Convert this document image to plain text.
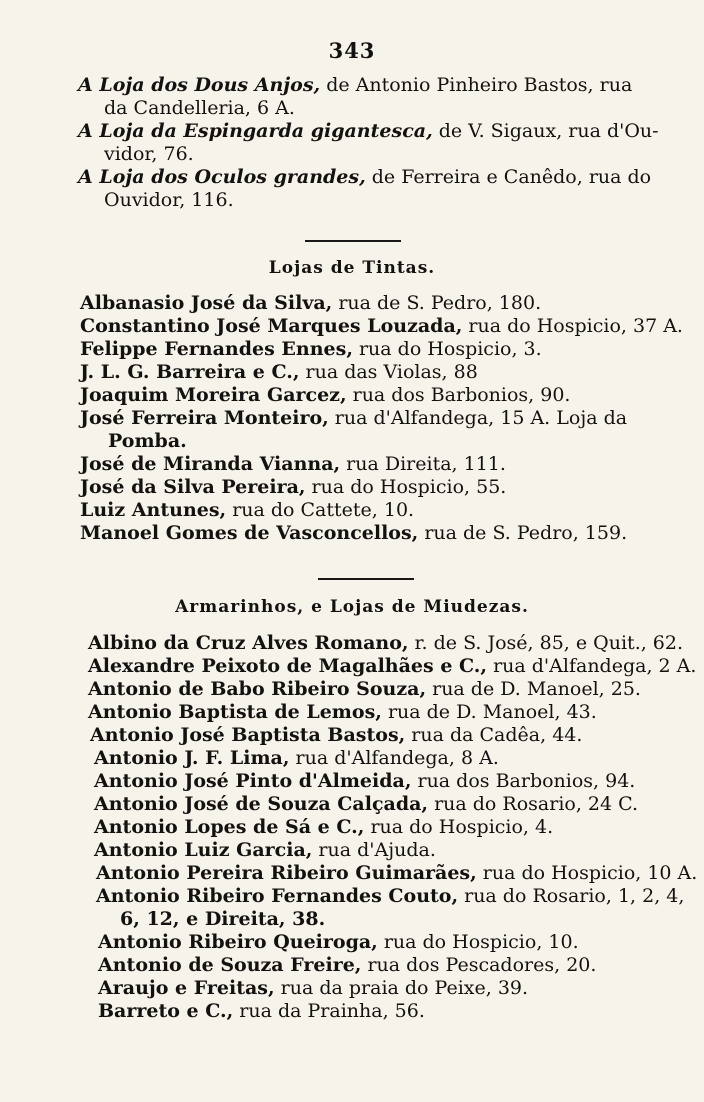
343
A Loja dos Dous Anjos, de Antonio Pinheiro Bastos, rua
da Candelleria, 6 A.
A Loja da Espingarda gigantesca, de V. Sigaux, rua d'Ou-
vidor, 76.
A Loja dos Oculos grandes, de Ferreira e Canêdo, rua do
Ouvidor, 116.
Lojas de Tintas.
Albanasio José da Silva, rua de S. Pedro, 180.
Constantino José Marques Louzada, rua do Hospicio, 37 A.
Felippe Fernandes Ennes, rua do Hospicio, 3.
J. L. G. Barreira e C., rua das Violas, 88
Joaquim Moreira Garcez, rua dos Barbonios, 90.
José Ferreira Monteiro, rua d'Alfandega, 15 A. Loja da
Pomba.
José de Miranda Vianna, rua Direita, 111.
José da Silva Pereira, rua do Hospicio, 55.
Luiz Antunes, rua do Cattete, 10.
Manoel Gomes de Vasconcellos, rua de S. Pedro, 159.
Armarinhos, e Lojas de Miudezas.
Albino da Cruz Alves Romano, r. de S. José, 85, e Quit., 62.
Alexandre Peixoto de Magalhães e C., rua d'Alfandega, 2 A.
Antonio de Babo Ribeiro Souza, rua de D. Manoel, 25.
Antonio Baptista de Lemos, rua de D. Manoel, 43.
Antonio José Baptista Bastos, rua da Cadêa, 44.
Antonio J. F. Lima, rua d'Alfandega, 8 A.
Antonio José Pinto d'Almeida, rua dos Barbonios, 94.
Antonio José de Souza Calçada, rua do Rosario, 24 C.
Antonio Lopes de Sá e C., rua do Hospicio, 4.
Antonio Luiz Garcia, rua d'Ajuda.
Antonio Pereira Ribeiro Guimarães, rua do Hospicio, 10 A.
Antonio Ribeiro Fernandes Couto, rua do Rosario, 1, 2, 4,
6, 12, e Direita, 38.
Antonio Ribeiro Queiroga, rua do Hospicio, 10.
Antonio de Souza Freire, rua dos Pescadores, 20.
Araujo e Freitas, rua da praia do Peixe, 39.
Barreto e C., rua da Prainha, 56.
